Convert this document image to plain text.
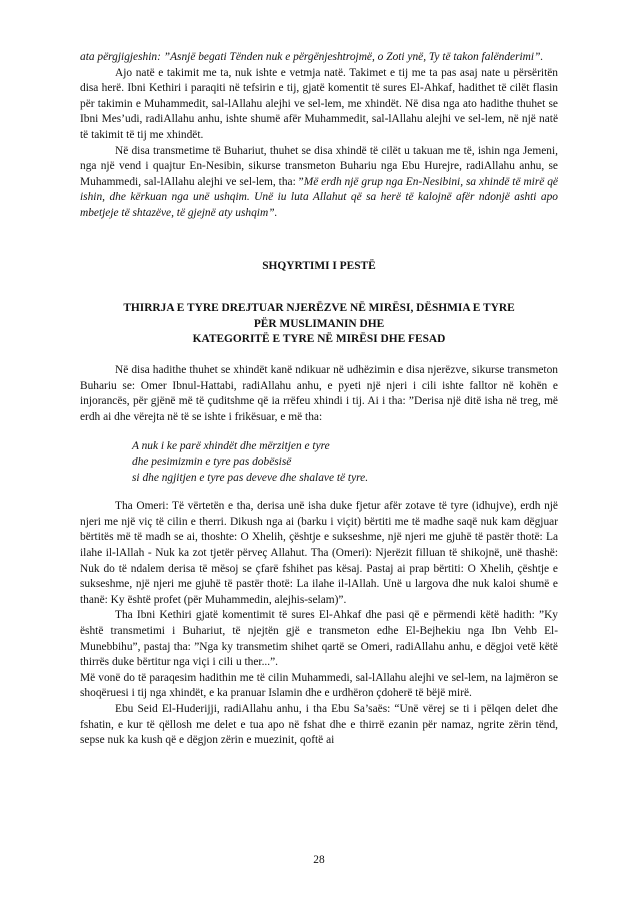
ata përgjigjeshin: ”Asnjë begati Tënden nuk e përgënjeshtrojmë, o Zoti ynë, Ty të takon falënderimi”.

Ajo natë e takimit me ta, nuk ishte e vetmja natë. Takimet e tij me ta pas asaj nate u përsëritën disa herë. Ibni Kethiri i paraqiti në tefsirin e tij, gjatë komentit të sures El-Ahkaf, hadithet të cilët flasin për takimin e Muhammedit, sal-lAllahu alejhi ve sel-lem, me xhindët. Në disa nga ato hadithe thuhet se Ibni Mes’udi, radiAllahu anhu, ishte shumë afër Muhammedit, sal-lAllahu alejhi ve sel-lem, në një natë të takimit të tij me xhindët.

Në disa transmetime të Buhariut, thuhet se disa xhindë të cilët u takuan me të, ishin nga Jemeni, nga një vend i quajtur En-Nesibin, sikurse transmeton Buhariu nga Ebu Hurejre, radiAllahu anhu, se Muhammedi, sal-lAllahu alejhi ve sel-lem, tha: ”Më erdh një grup nga En-Nesibini, sa xhindë të mirë që ishin, dhe kërkuan nga unë ushqim. Unë iu luta Allahut që sa herë të kalojnë afër ndonjë ashti apo mbetjeje të shtazëve, të gjejnë aty ushqim”.

SHQYRTIMI I PESTË
THIRRJA E TYRE DREJTUAR NJERËZVE NË MIRËSI, DËSHMIA E TYRE
PËR MUSLIMANIN DHE
KATEGORITË E TYRE NË MIRËSI DHE FESAD

Në disa hadithe thuhet se xhindët kanë ndikuar në udhëzimin e disa njerëzve, sikurse transmeton Buhariu se: Omer Ibnul-Hattabi, radiAllahu anhu, e pyeti një njeri i cili ishte falltor në kohën e injorancës, për gjënë më të çuditshme që ia rrëfeu xhindi i tij. Ai i tha: ”Derisa një ditë isha në treg, më erdh ai dhe vërejta në të se ishte i frikësuar, e më tha:

A nuk i ke parë xhindët dhe mërzitjen e tyre
dhe pesimizmin e tyre pas dobësisë
si dhe ngjitjen e tyre pas deveve dhe shalave të tyre.

Tha Omeri: Të vërtetën e tha, derisa unë isha duke fjetur afër zotave të tyre (idhujve), erdh një njeri me një viç të cilin e therri. Dikush nga ai (barku i viçit) bërtiti me të madhe saqë nuk kam dëgjuar bërtitës më të madh se ai, thoshte: O Xhelih, çështje e sukseshme, një njeri me gjuhë të pastër thotë: La ilahe il-lAllah - Nuk ka zot tjetër përveç Allahut. Tha (Omeri): Njerëzit filluan të shikojnë, unë thashë: Nuk do të ndalem derisa të mësoj se çfarë fshihet pas kësaj. Pastaj ai prap bërtiti: O Xhelih, çështje e sukseshme, një njeri me gjuhë të pastër thotë: La ilahe il-lAllah. Unë u largova dhe nuk kaloi shumë e thanë: Ky është profet (për Muhammedin, alejhis-selam)”.

Tha Ibni Kethiri gjatë komentimit të sures El-Ahkaf dhe pasi që e përmendi këtë hadith: ”Ky është transmetimi i Buhariut, të njejtën gjë e transmeton edhe El-Bejhekiu nga Ibn Vehb El-Munebbihu”, pastaj tha: ”Nga ky transmetim shihet qartë se Omeri, radiAllahu anhu, e dëgjoi vetë këtë thirrës duke bërtitur nga viçi i cili u ther...”.

Më vonë do të paraqesim hadithin me të cilin Muhammedi, sal-lAllahu alejhi ve sel-lem, na lajmëron se shoqëruesi i tij nga xhindët, e ka pranuar Islamin dhe e urdhëron çdoherë të bëjë mirë.

Ebu Seid El-Huderijji, radiAllahu anhu, i tha Ebu Sa’saës: “Unë vërej se ti i pëlqen delet dhe fshatin, e kur të qëllosh me delet e tua apo në fshat dhe e thirrë ezanin për namaz, ngrite zërin tënd, sepse nuk ka kush që e dëgjon zërin e muezinit, qoftë ai

28
